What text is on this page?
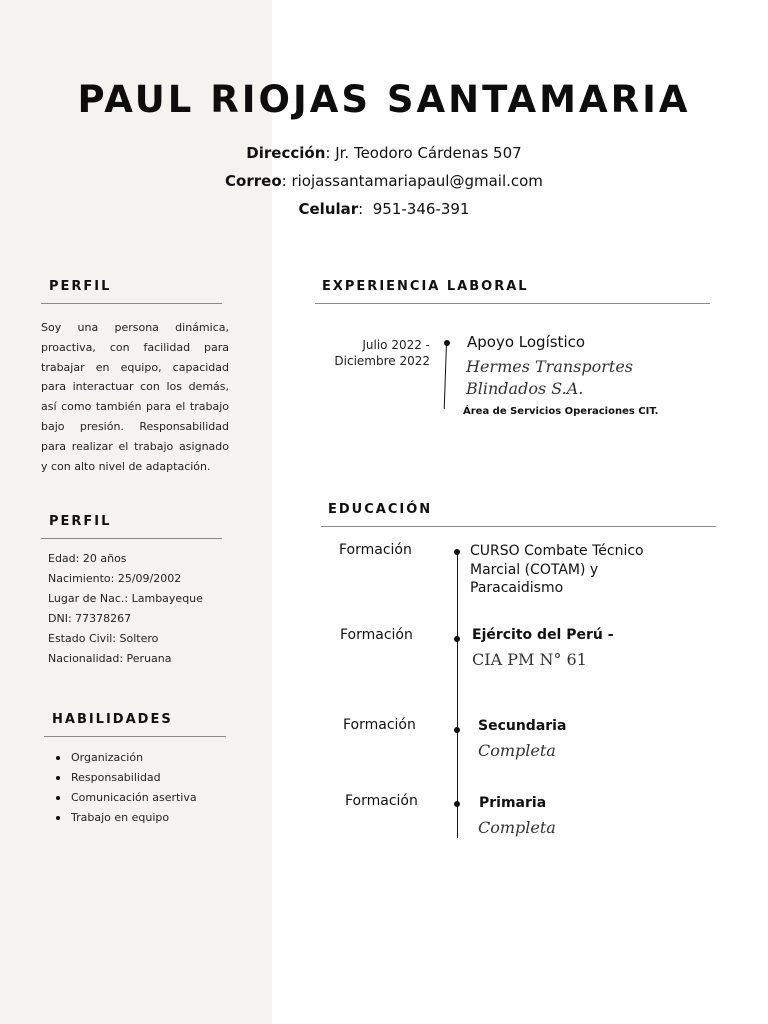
PAUL RIOJAS SANTAMARIA
Dirección: Jr. Teodoro Cárdenas 507
Correo: riojassantamariapaul@gmail.com
Celular:  951-346-391
PERFIL

Soy una persona dinámica, proactiva, con facilidad para trabajar en equipo, capacidad para interactuar con los demás, así como también para el trabajo bajo presión. Responsabilidad para realizar el trabajo asignado y con alto nivel de adaptación.

PERFIL
Edad: 20 años
Nacimiento: 25/09/2002
Lugar de Nac.: Lambayeque
DNI: 77378267
Estado Civil: Soltero
Nacionalidad: Peruana
HABILIDADES
Organización
Responsabilidad
Comunicación asertiva
Trabajo en equipo
EXPERIENCIA LABORAL
Julio 2022 -
Diciembre 2022
Apoyo Logístico
Hermes Transportes
Blindados S.A.
Área de Servicios Operaciones CIT.
EDUCACIÓN
Formación	CURSO Combate Técnico Marcial (COTAM) y Paracaidismo
Formación	Ejército del Perú -
CIA PM N° 61
Formación	Secundaria
Completa
Formación	Primaria
Completa
